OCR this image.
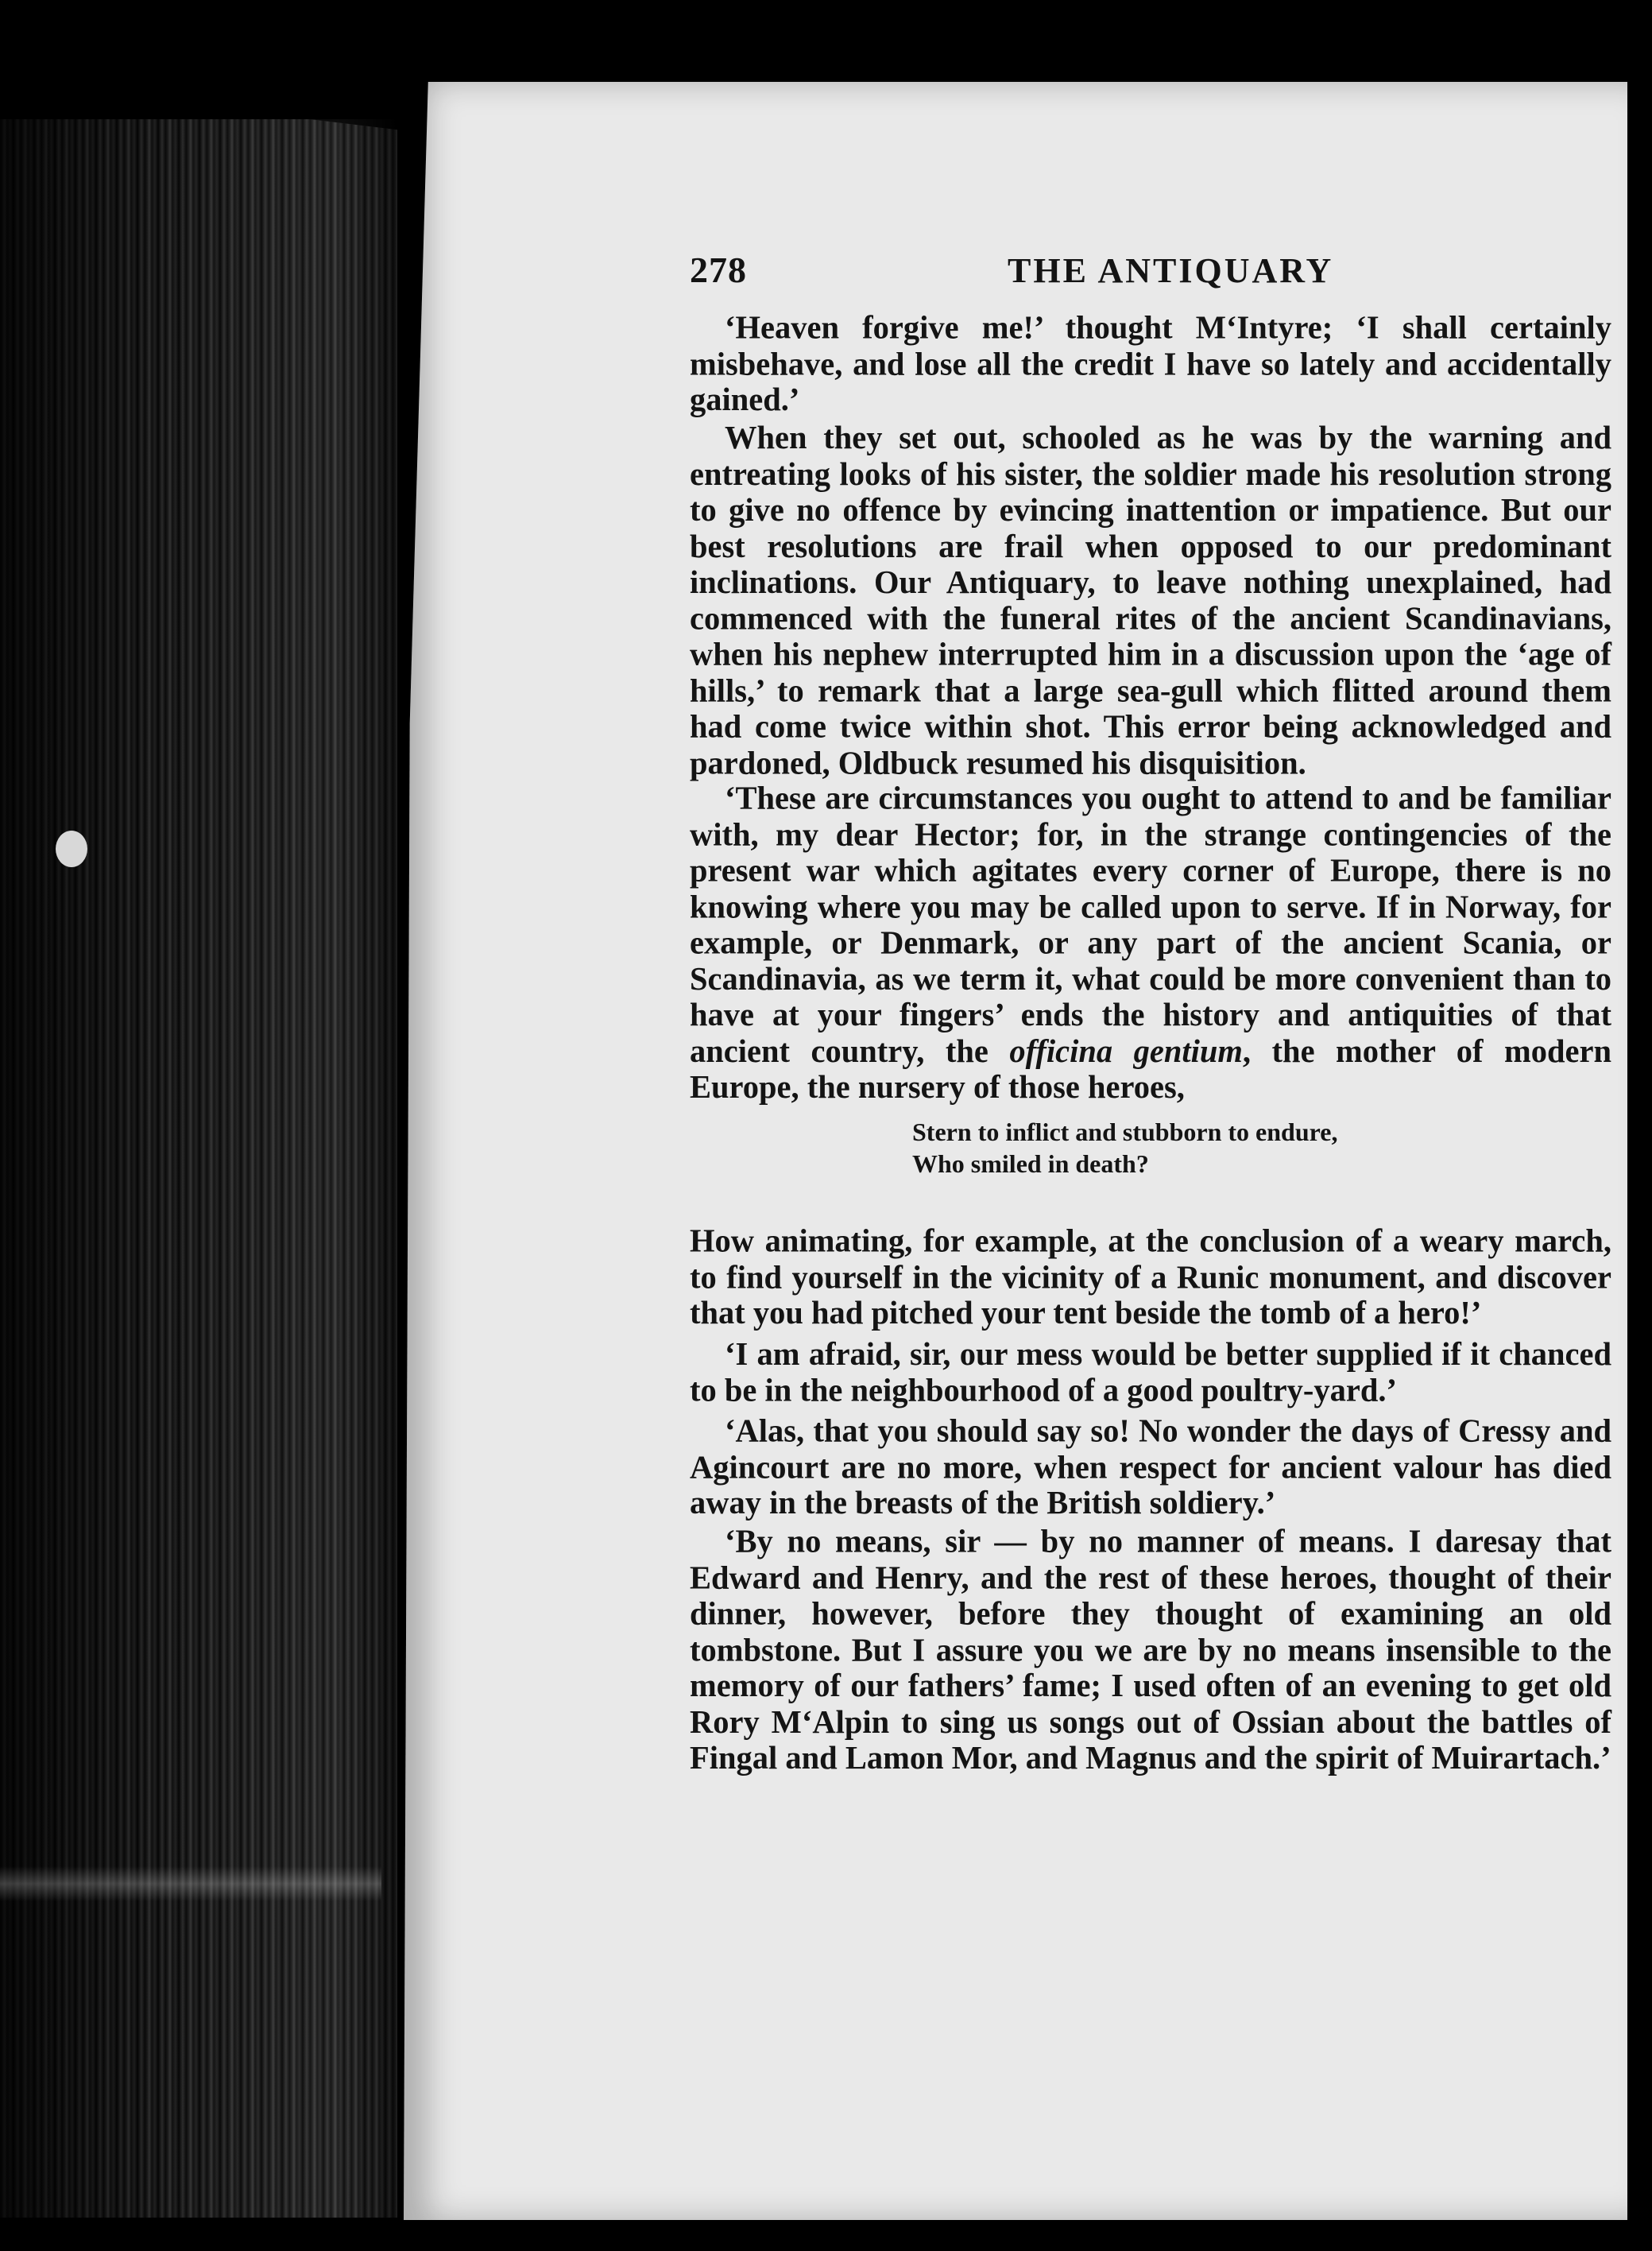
278	THE ANTIQUARY

‘Heaven forgive me!’ thought M‘Intyre; ‘I shall certainly misbehave, and lose all the credit I have so lately and accidentally gained.’

When they set out, schooled as he was by the warning and entreating looks of his sister, the soldier made his resolution strong to give no offence by evincing inattention or impatience. But our best resolutions are frail when opposed to our predominant inclinations. Our Antiquary, to leave nothing unexplained, had commenced with the funeral rites of the ancient Scandinavians, when his nephew interrupted him in a discussion upon the ‘age of hills,’ to remark that a large sea-gull which flitted around them had come twice within shot. This error being acknowledged and pardoned, Oldbuck resumed his disquisition.

‘These are circumstances you ought to attend to and be familiar with, my dear Hector; for, in the strange contingencies of the present war which agitates every corner of Europe, there is no knowing where you may be called upon to serve. If in Norway, for example, or Denmark, or any part of the ancient Scania, or Scandinavia, as we term it, what could be more convenient than to have at your fingers’ ends the history and antiquities of that ancient country, the officina gentium, the mother of modern Europe, the nursery of those heroes,

Stern to inflict and stubborn to endure,
Who smiled in death?

How animating, for example, at the conclusion of a weary march, to find yourself in the vicinity of a Runic monument, and discover that you had pitched your tent beside the tomb of a hero!’

‘I am afraid, sir, our mess would be better supplied if it chanced to be in the neighbourhood of a good poultry-yard.’

‘Alas, that you should say so! No wonder the days of Cressy and Agincourt are no more, when respect for ancient valour has died away in the breasts of the British soldiery.’

‘By no means, sir — by no manner of means. I daresay that Edward and Henry, and the rest of these heroes, thought of their dinner, however, before they thought of examining an old tombstone. But I assure you we are by no means insensible to the memory of our fathers’ fame; I used often of an evening to get old Rory M‘Alpin to sing us songs out of Ossian about the battles of Fingal and Lamon Mor, and Magnus and the spirit of Muirartach.’
